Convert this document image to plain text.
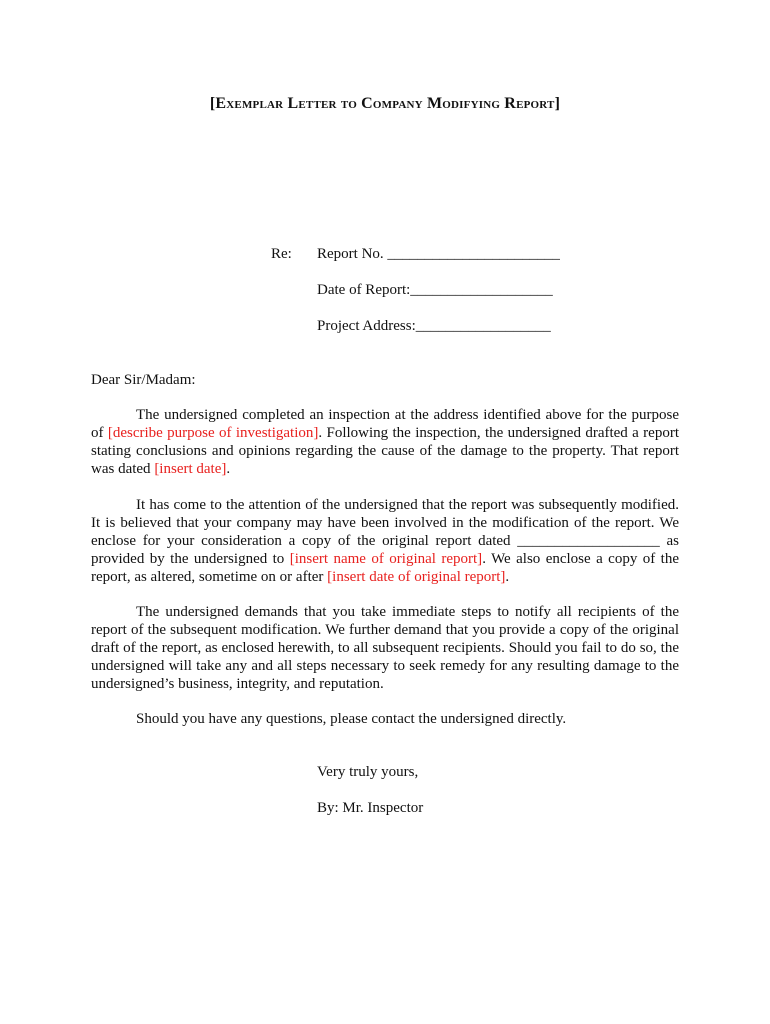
[Exemplar Letter to Company Modifying Report]
Re: Report No. _______________________
Date of Report:___________________
Project Address:__________________
Dear Sir/Madam:
The undersigned completed an inspection at the address identified above for the purpose of [describe purpose of investigation]. Following the inspection, the undersigned drafted a report stating conclusions and opinions regarding the cause of the damage to the property. That report was dated [insert date].
It has come to the attention of the undersigned that the report was subsequently modified. It is believed that your company may have been involved in the modification of the report. We enclose for your consideration a copy of the original report dated ___________________ as provided by the undersigned to [insert name of original report]. We also enclose a copy of the report, as altered, sometime on or after [insert date of original report].
The undersigned demands that you take immediate steps to notify all recipients of the report of the subsequent modification. We further demand that you provide a copy of the original draft of the report, as enclosed herewith, to all subsequent recipients. Should you fail to do so, the undersigned will take any and all steps necessary to seek remedy for any resulting damage to the undersigned’s business, integrity, and reputation.
Should you have any questions, please contact the undersigned directly.
Very truly yours,
By: Mr. Inspector
